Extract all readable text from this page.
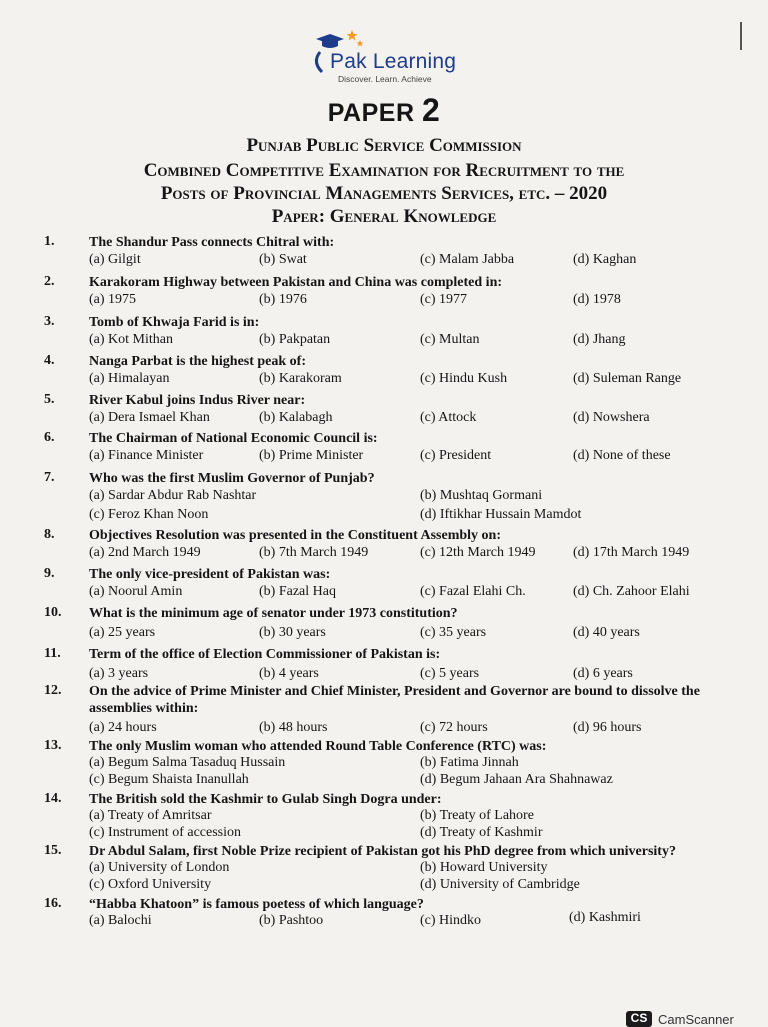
Pak Learning
Discover. Learn. Achieve
PAPER 2
Punjab Public Service Commission
Combined Competitive Examination for Recruitment to the
Posts of Provincial Managements Services, etc. – 2020
Paper: General Knowledge
1. The Shandur Pass connects Chitral with:
(a) Gilgit	(b) Swat	(c) Malam Jabba	(d) Kaghan
2. Karakoram Highway between Pakistan and China was completed in:
(a) 1975	(b) 1976	(c) 1977	(d) 1978
3. Tomb of Khwaja Farid is in:
(a) Kot Mithan	(b) Pakpatan	(c) Multan	(d) Jhang
4. Nanga Parbat is the highest peak of:
(a) Himalayan	(b) Karakoram	(c) Hindu Kush	(d) Suleman Range
5. River Kabul joins Indus River near:
(a) Dera Ismael Khan	(b) Kalabagh	(c) Attock	(d) Nowshera
6. The Chairman of National Economic Council is:
(a) Finance Minister	(b) Prime Minister	(c) President	(d) None of these
7. Who was the first Muslim Governor of Punjab?
(a) Sardar Abdur Rab Nashtar	(b) Mushtaq Gormani
(c) Feroz Khan Noon	(d) Iftikhar Hussain Mamdot
8. Objectives Resolution was presented in the Constituent Assembly on:
(a) 2nd March 1949	(b) 7th March 1949	(c) 12th March 1949	(d) 17th March 1949
9. The only vice-president of Pakistan was:
(a) Noorul Amin	(b) Fazal Haq	(c) Fazal Elahi Ch.	(d) Ch. Zahoor Elahi
10. What is the minimum age of senator under 1973 constitution?
(a) 25 years	(b) 30 years	(c) 35 years	(d) 40 years
11. Term of the office of Election Commissioner of Pakistan is:
(a) 3 years	(b) 4 years	(c) 5 years	(d) 6 years
12. On the advice of Prime Minister and Chief Minister, President and Governor are bound to dissolve the assemblies within:
(a) 24 hours	(b) 48 hours	(c) 72 hours	(d) 96 hours
13. The only Muslim woman who attended Round Table Conference (RTC) was:
(a) Begum Salma Tasaduq Hussain	(b) Fatima Jinnah
(c) Begum Shaista Inanullah	(d) Begum Jahaan Ara Shahnawaz
14. The British sold the Kashmir to Gulab Singh Dogra under:
(a) Treaty of Amritsar	(b) Treaty of Lahore
(c) Instrument of accession	(d) Treaty of Kashmir
15. Dr Abdul Salam, first Noble Prize recipient of Pakistan got his PhD degree from which university?
(a) University of London	(b) Howard University
(c) Oxford University	(d) University of Cambridge
16. “Habba Khatoon” is famous poetess of which language?
(a) Balochi	(b) Pashtoo	(c) Hindko	(d) Kashmiri
CS CamScanner
